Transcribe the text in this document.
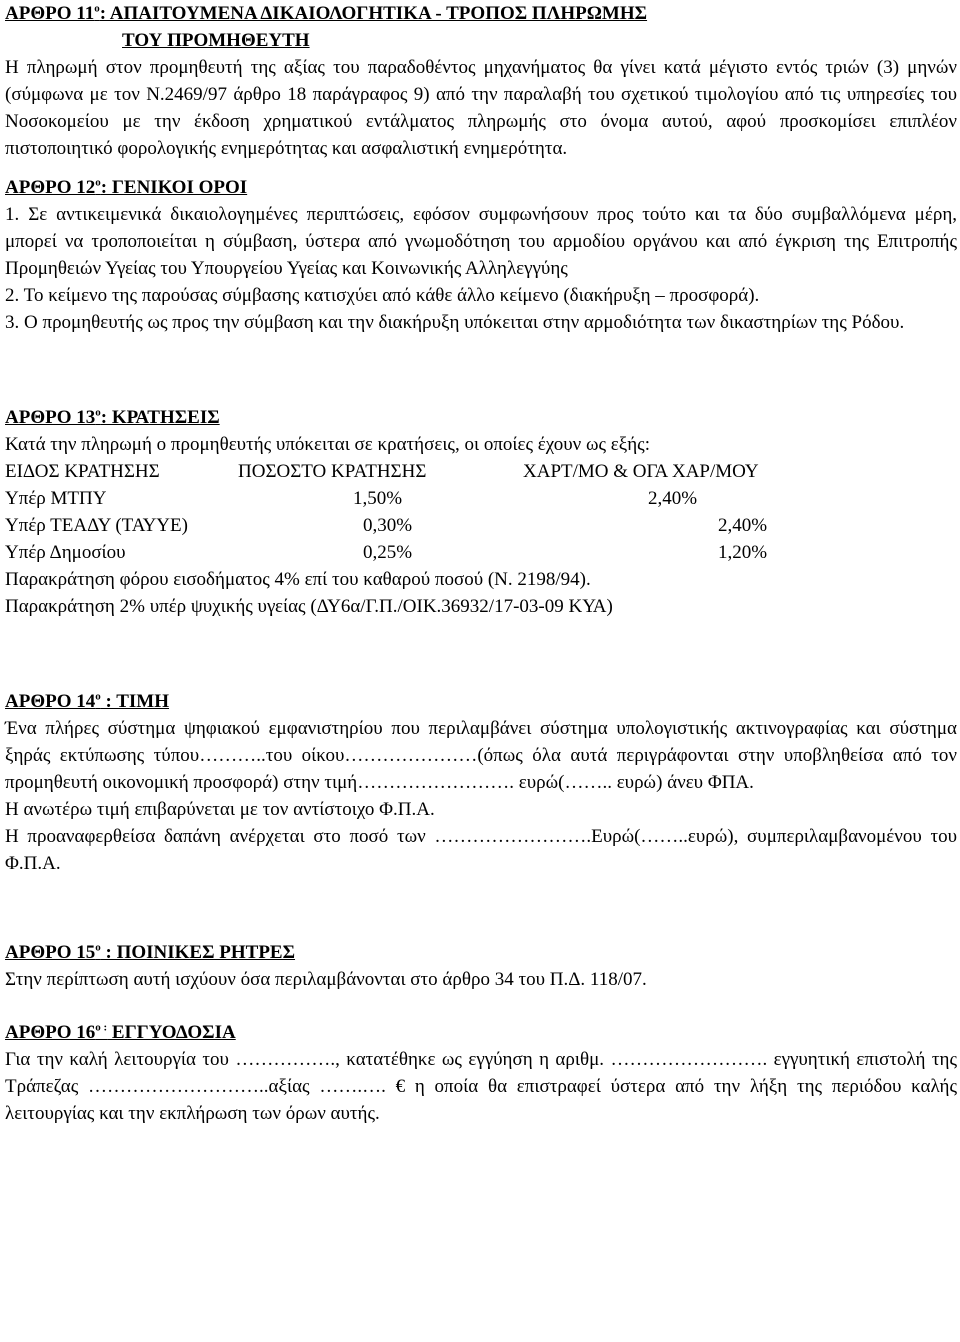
ΑΡΘΡΟ $11^o$: ΑΠΑΙΤΟΥΜΕΝΑ ΔΙΚΑΙΟΛΟΓΗΤΙΚΑ - ΤΡΟΠΟΣ ΠΛΗΡΩΜΗΣ
ΤΟΥ ΠΡΟΜΗΘΕΥΤΗ

Η πληρωμή στον προμηθευτή της αξίας του παραδοθέντος μηχανήματος θα γίνει κατά μέγιστο εντός τριών (3) μηνών (σύμφωνα με τον Ν.2469/97 άρθρο 18 παράγραφος 9) από την παραλαβή του σχετικού τιμολογίου από τις υπηρεσίες του Νοσοκομείου με την έκδοση χρηματικού εντάλματος πληρωμής στο όνομα αυτού, αφού προσκομίσει επιπλέον πιστοποιητικό φορολογικής ενημερότητας και ασφαλιστική ενημερότητα.

ΑΡΘΡΟ $12^o$: ΓΕΝΙΚΟΙ ΟΡΟΙ

1. Σε αντικειμενικά δικαιολογημένες περιπτώσεις, εφόσον συμφωνήσουν προς τούτο και τα δύο συμβαλλόμενα μέρη, μπορεί να τροποποιείται η σύμβαση, ύστερα από γνωμοδότηση του αρμοδίου οργάνου και από έγκριση της Επιτροπής Προμηθειών Υγείας του Υπουργείου Υγείας και Κοινωνικής Αλληλεγγύης

2. Το κείμενο της παρούσας σύμβασης κατισχύει από κάθε άλλο κείμενο (διακήρυξη – προσφορά).

3. Ο προμηθευτής ως προς την σύμβαση και την διακήρυξη υπόκειται στην αρμοδιότητα των δικαστηρίων της Ρόδου.

ΑΡΘΡΟ $13^o$: ΚΡΑΤΗΣΕΙΣ

Κατά την πληρωμή ο προμηθευτής υπόκειται σε κρατήσεις, οι οποίες έχουν ως εξής:

ΕΙΔΟΣ ΚΡΑΤΗΣΗΣ	ΠΟΣΟΣΤΟ ΚΡΑΤΗΣΗΣ	ΧΑΡΤ/ΜΟ & ΟΓΑ ΧΑΡ/ΜΟΥ
Υπέρ ΜΤΠΥ	1,50%	2,40%
Υπέρ ΤΕΑΔΥ (ΤΑΥΥΕ)	0,30%	2,40%
Υπέρ Δημοσίου	0,25%	1,20%

Παρακράτηση φόρου εισοδήματος 4% επί του καθαρού ποσού (Ν. 2198/94).

Παρακράτηση 2% υπέρ ψυχικής υγείας (ΔΥ6α/Γ.Π./ΟΙΚ.36932/17-03-09 ΚΥΑ)

ΑΡΘΡΟ $14^o$ : ΤΙΜΗ

Ένα πλήρες σύστημα ψηφιακού εμφανιστηρίου που περιλαμβάνει σύστημα υπολογιστικής ακτινογραφίας και σύστημα ξηράς εκτύπωσης τύπου………..του οίκου…………………(όπως όλα αυτά περιγράφονται στην υποβληθείσα από τον προμηθευτή οικονομική προσφορά) στην τιμή……………………. ευρώ(…….. ευρώ) άνευ ΦΠΑ.

Η ανωτέρω τιμή επιβαρύνεται με τον αντίστοιχο Φ.Π.Α.

Η προαναφερθείσα δαπάνη ανέρχεται στο ποσό των …………………….Ευρώ(……..ευρώ), συμπεριλαμβανομένου του Φ.Π.Α.

ΑΡΘΡΟ $15^o$ : ΠΟΙΝΙΚΕΣ ΡΗΤΡΕΣ

Στην περίπτωση αυτή ισχύουν όσα περιλαμβάνονται στο άρθρο 34 του Π.Δ. 118/07.

ΑΡΘΡΟ $16^{o :}$ ΕΓΓΥΟΔΟΣΙΑ

Για την καλή λειτουργία του ……………., κατατέθηκε ως εγγύηση η αριθμ. ……………………. εγγυητική επιστολή της Τράπεζας ………………………..αξίας …….…. € η οποία θα επιστραφεί ύστερα από την λήξη της περιόδου καλής λειτουργίας και την εκπλήρωση των όρων αυτής.
